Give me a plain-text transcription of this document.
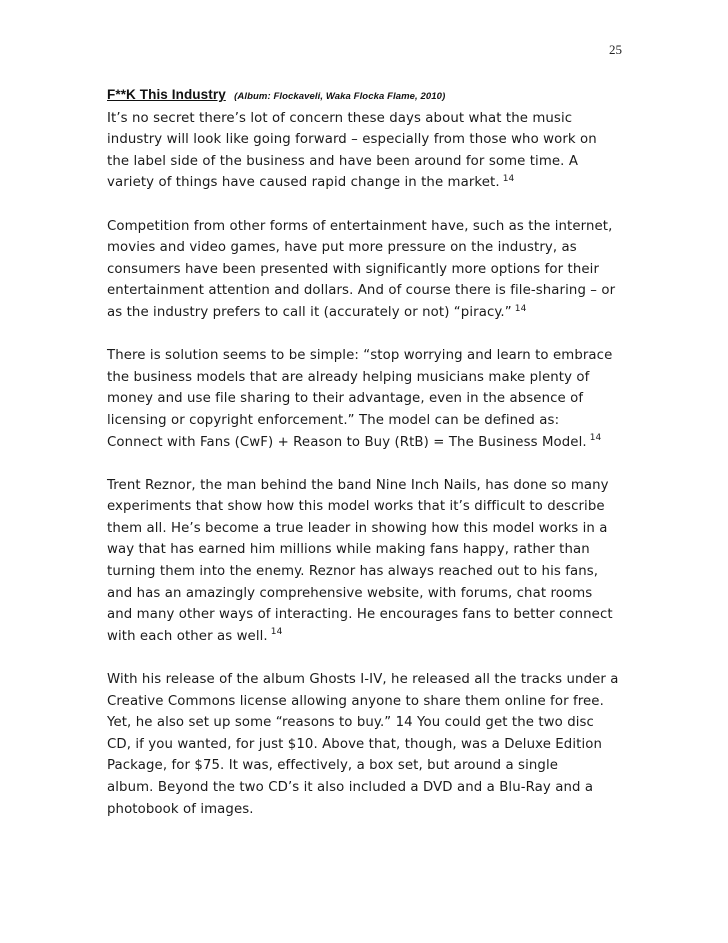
25

F**K This Industry (Album: Flockaveli, Waka Flocka Flame, 2010)

It’s no secret there’s lot of concern these days about what the music
industry will look like going forward – especially from those who work on
the label side of the business and have been around for some time. A
variety of things have caused rapid change in the market. $^{14}$

Competition from other forms of entertainment have, such as the internet,
movies and video games, have put more pressure on the industry, as
consumers have been presented with significantly more options for their
entertainment attention and dollars. And of course there is file-sharing – or
as the industry prefers to call it (accurately or not) “piracy.” $^{14}$

There is solution seems to be simple: “stop worrying and learn to embrace
the business models that are already helping musicians make plenty of
money and use file sharing to their advantage, even in the absence of
licensing or copyright enforcement.” The model can be defined as:
Connect with Fans (CwF) + Reason to Buy (RtB) = The Business Model. $^{14}$

Trent Reznor, the man behind the band Nine Inch Nails, has done so many
experiments that show how this model works that it’s difficult to describe
them all. He’s become a true leader in showing how this model works in a
way that has earned him millions while making fans happy, rather than
turning them into the enemy. Reznor has always reached out to his fans,
and has an amazingly comprehensive website, with forums, chat rooms
and many other ways of interacting. He encourages fans to better connect
with each other as well. $^{14}$

With his release of the album Ghosts I-IV, he released all the tracks under a
Creative Commons license allowing anyone to share them online for free.
Yet, he also set up some “reasons to buy.” 14 You could get the two disc
CD, if you wanted, for just $10. Above that, though, was a Deluxe Edition
Package, for $75. It was, effectively, a box set, but around a single
album. Beyond the two CD’s it also included a DVD and a Blu-Ray and a
photobook of images.
